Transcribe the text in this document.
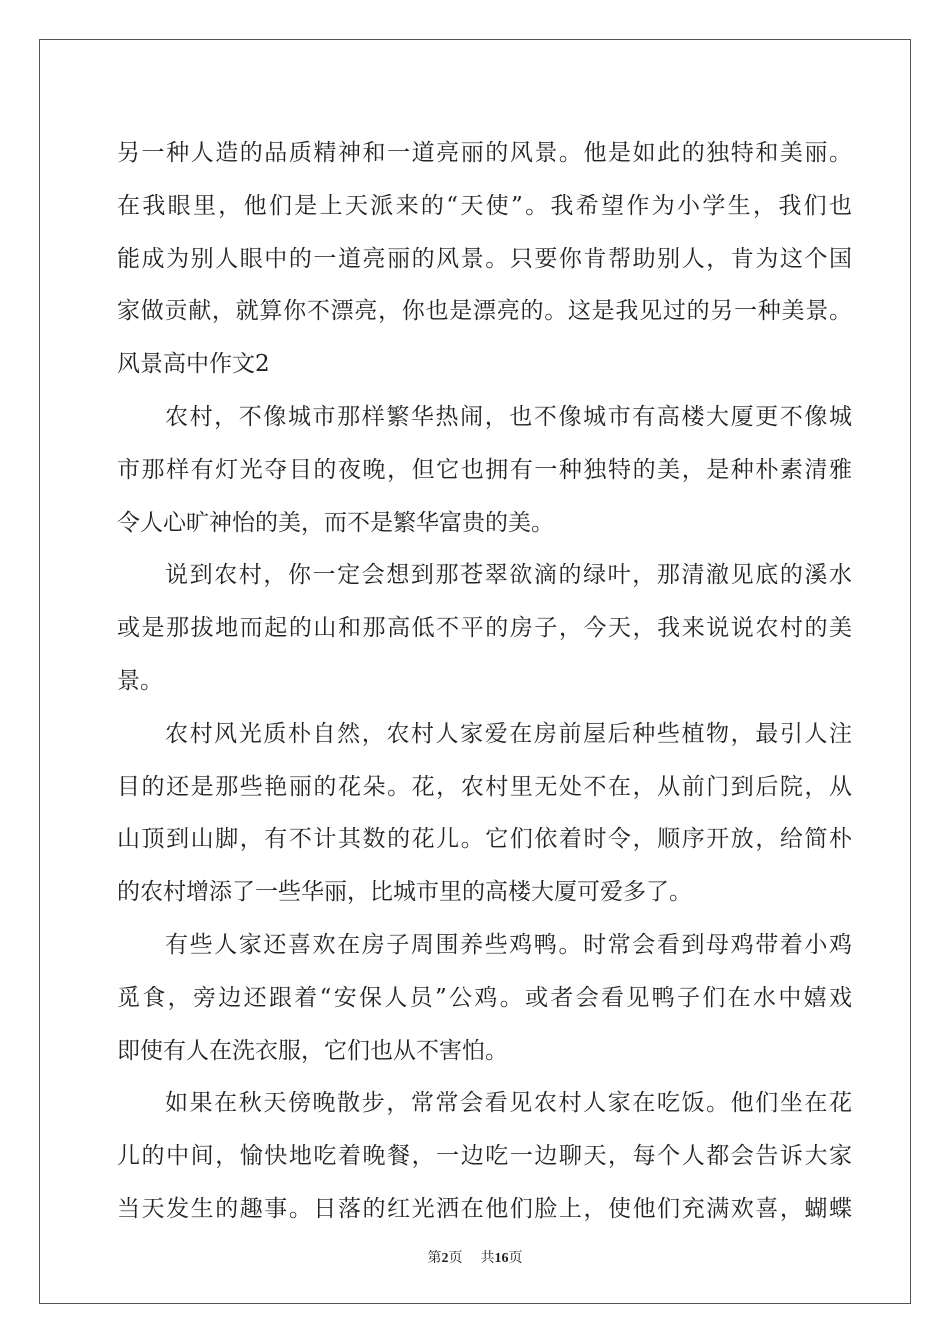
另一种人造的品质精神和一道亮丽的风景。他是如此的独特和美丽。
在我眼里，他们是上天派来的“天使”。我希望作为小学生，我们也
能成为别人眼中的一道亮丽的风景。只要你肯帮助别人，肯为这个国
家做贡献，就算你不漂亮，你也是漂亮的。这是我见过的另一种美景。
风景高中作文2
农村，不像城市那样繁华热闹，也不像城市有高楼大厦更不像城
市那样有灯光夺目的夜晚，但它也拥有一种独特的美，是种朴素清雅
令人心旷神怡的美，而不是繁华富贵的美。
说到农村，你一定会想到那苍翠欲滴的绿叶，那清澈见底的溪水
或是那拔地而起的山和那高低不平的房子，今天，我来说说农村的美
景。
农村风光质朴自然，农村人家爱在房前屋后种些植物，最引人注
目的还是那些艳丽的花朵。花，农村里无处不在，从前门到后院，从
山顶到山脚，有不计其数的花儿。它们依着时令，顺序开放，给简朴
的农村增添了一些华丽，比城市里的高楼大厦可爱多了。
有些人家还喜欢在房子周围养些鸡鸭。时常会看到母鸡带着小鸡
觅食，旁边还跟着“安保人员”公鸡。或者会看见鸭子们在水中嬉戏
即使有人在洗衣服，它们也从不害怕。
如果在秋天傍晚散步，常常会看见农村人家在吃饭。他们坐在花
儿的中间，愉快地吃着晚餐，一边吃一边聊天，每个人都会告诉大家
当天发生的趣事。日落的红光洒在他们脸上，使他们充满欢喜，蝴蝶
第2页 共16页
